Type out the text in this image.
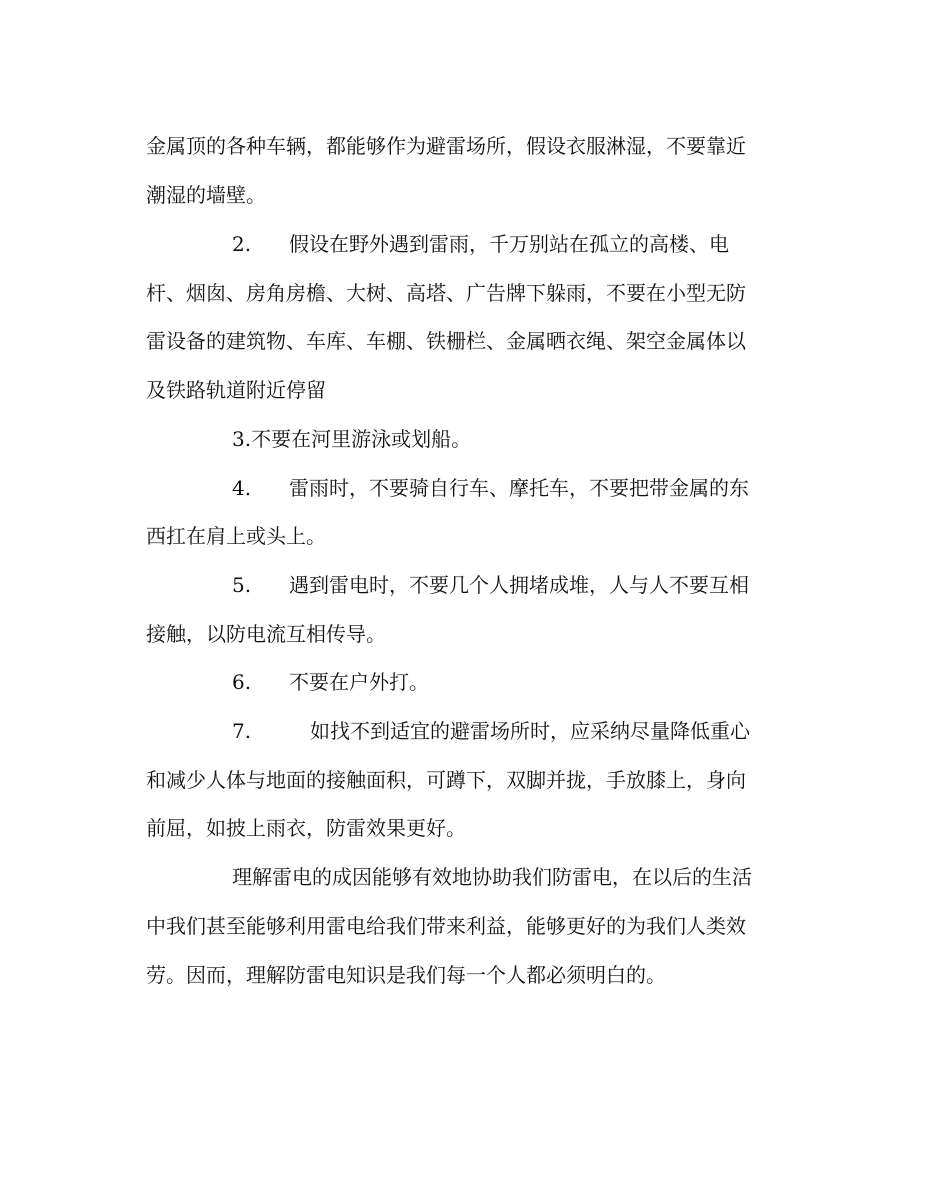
金属顶的各种车辆，都能够作为避雷场所，假设衣服淋湿，不要靠近
潮湿的墙壁。
2. 假设在野外遇到雷雨，千万别站在孤立的高楼、电
杆、烟囱、房角房檐、大树、高塔、广告牌下躲雨，不要在小型无防
雷设备的建筑物、车库、车棚、铁栅栏、金属晒衣绳、架空金属体以
及铁路轨道附近停留
3.不要在河里游泳或划船。
4. 雷雨时，不要骑自行车、摩托车，不要把带金属的东
西扛在肩上或头上。
5. 遇到雷电时，不要几个人拥堵成堆，人与人不要互相
接触，以防电流互相传导。
6. 不要在户外打。
7.	如找不到适宜的避雷场所时，应采纳尽量降低重心
和减少人体与地面的接触面积，可蹲下，双脚并拢，手放膝上，身向
前屈，如披上雨衣，防雷效果更好。
理解雷电的成因能够有效地协助我们防雷电，在以后的生活
中我们甚至能够利用雷电给我们带来利益，能够更好的为我们人类效
劳。因而，理解防雷电知识是我们每一个人都必须明白的。
